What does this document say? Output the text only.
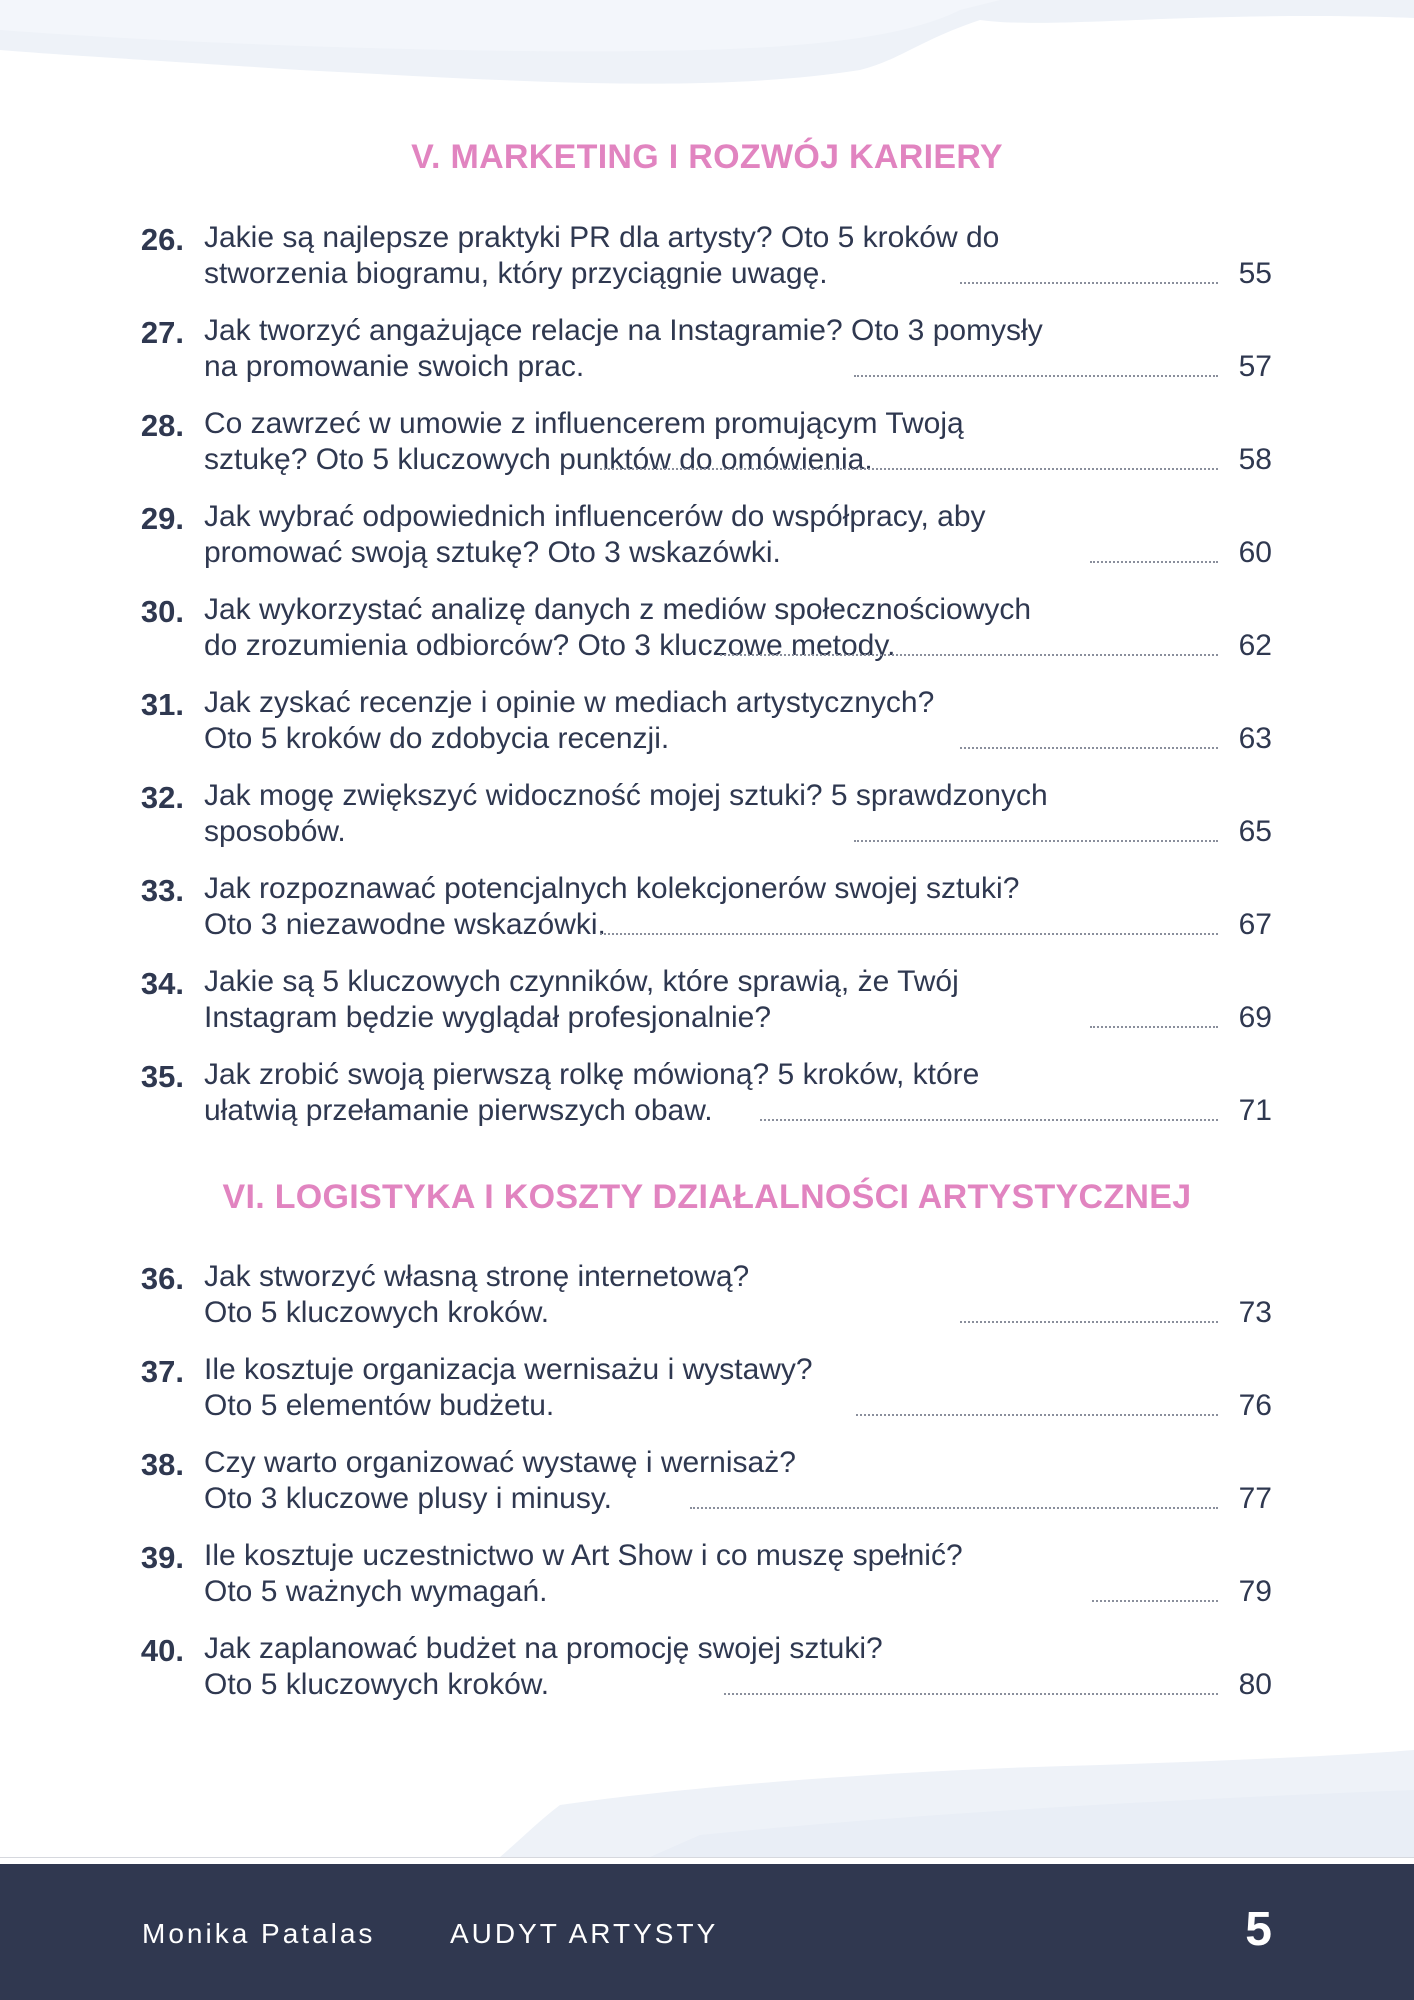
V. MARKETING I ROZWÓJ KARIERY
26. Jakie są najlepsze praktyki PR dla artysty? Oto 5 kroków do
stworzenia biogramu, który przyciągnie uwagę.	55
27. Jak tworzyć angażujące relacje na Instagramie? Oto 3 pomysły
na promowanie swoich prac.	57
28. Co zawrzeć w umowie z influencerem promującym Twoją
sztukę? Oto 5 kluczowych punktów do omówienia.	58
29. Jak wybrać odpowiednich influencerów do współpracy, aby
promować swoją sztukę? Oto 3 wskazówki.	60
30. Jak wykorzystać analizę danych z mediów społecznościowych
do zrozumienia odbiorców? Oto 3 kluczowe metody.	62
31. Jak zyskać recenzje i opinie w mediach artystycznych?
Oto 5 kroków do zdobycia recenzji.	63
32. Jak mogę zwiększyć widoczność mojej sztuki? 5 sprawdzonych
sposobów.	65
33. Jak rozpoznawać potencjalnych kolekcjonerów swojej sztuki?
Oto 3 niezawodne wskazówki.	67
34. Jakie są 5 kluczowych czynników, które sprawią, że Twój
Instagram będzie wyglądał profesjonalnie?	69
35. Jak zrobić swoją pierwszą rolkę mówioną? 5 kroków, które
ułatwią przełamanie pierwszych obaw.	71
VI. LOGISTYKA I KOSZTY DZIAŁALNOŚCI ARTYSTYCZNEJ
36. Jak stworzyć własną stronę internetową?
Oto 5 kluczowych kroków.	73
37. Ile kosztuje organizacja wernisażu i wystawy?
Oto 5 elementów budżetu.	76
38. Czy warto organizować wystawę i wernisaż?
Oto 3 kluczowe plusy i minusy.	77
39. Ile kosztuje uczestnictwo w Art Show i co muszę spełnić?
Oto 5 ważnych wymagań.	79
40. Jak zaplanować budżet na promocję swojej sztuki?
Oto 5 kluczowych kroków.	80
Monika Patalas	AUDYT ARTYSTY	5
